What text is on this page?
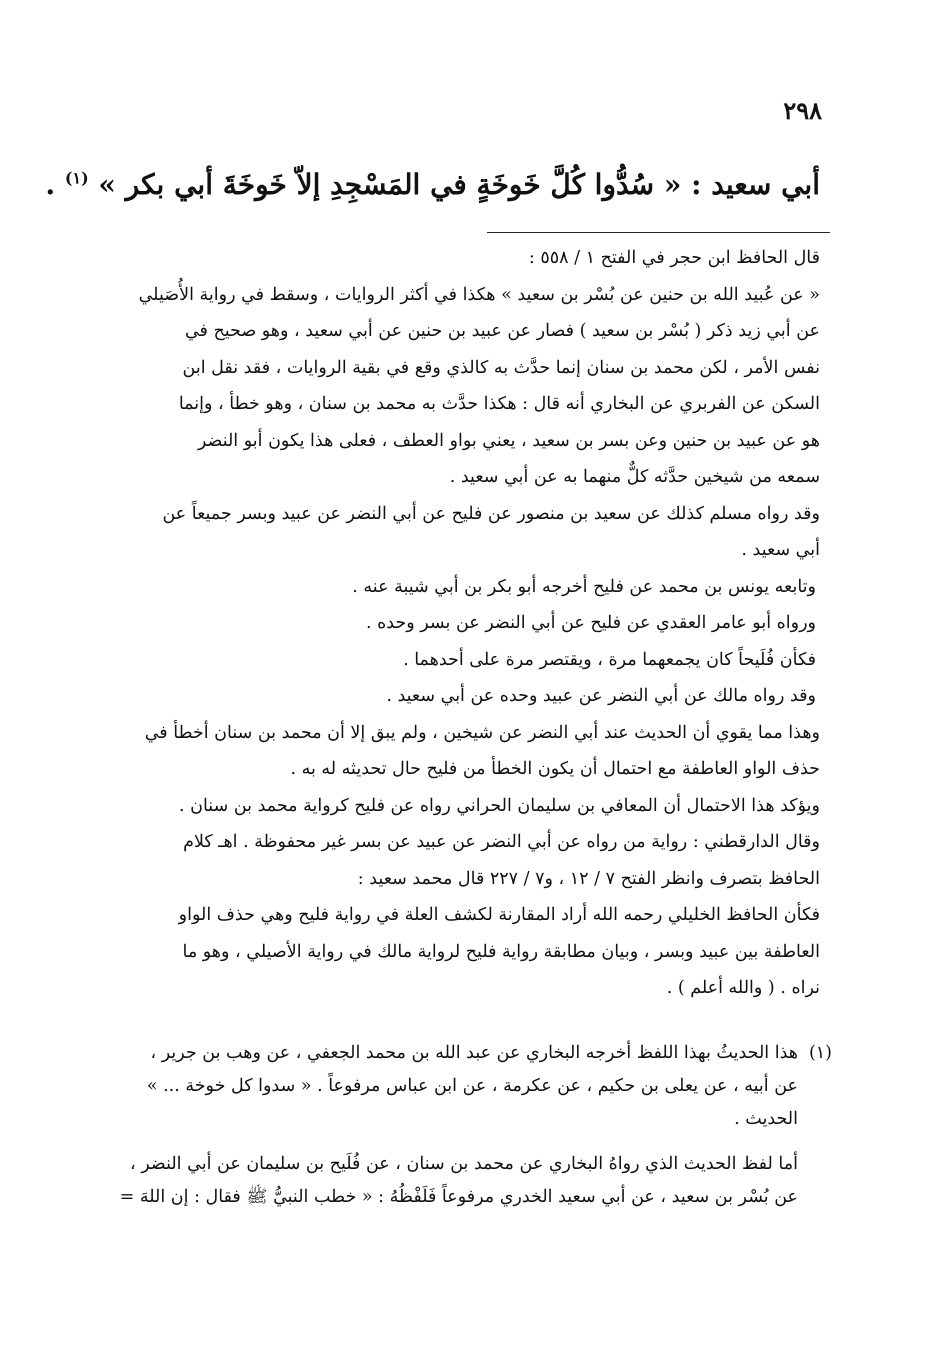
٢٩٨
أبي سعيد : « سُدُّوا كُلَّ خَوخَةٍ في المَسْجِدِ إلاّ خَوخَةَ أبي بكر » $^{(١)}$ .
قال الحافظ ابن حجر في الفتح ١ / ٥٥٨ :
« عن عُبيد الله بن حنين عن بُسْر بن سعيد » هكذا في أكثر الروايات ، وسقط في رواية الأُصَيلي
عن أبي زيد ذكر ( بُسْر بن سعيد ) فصار عن عبيد بن حنين عن أبي سعيد ، وهو صحيح في
نفس الأمر ، لكن محمد بن سنان إنما حدَّث به كالذي وقع في بقية الروايات ، فقد نقل ابن
السكن عن الفربري عن البخاري أنه قال : هكذا حدَّث به محمد بن سنان ، وهو خطأ ، وإنما
هو عن عبيد بن حنين وعن بسر بن سعيد ، يعني بواو العطف ، فعلى هذا يكون أبو النضر
سمعه من شيخين حدَّثه كلٌّ منهما به عن أبي سعيد .
وقد رواه مسلم كذلك عن سعيد بن منصور عن فليح عن أبي النضر عن عبيد وبسر جميعاً عن
أبي سعيد .
وتابعه يونس بن محمد عن فليح أخرجه أبو بكر بن أبي شيبة عنه .
ورواه أبو عامر العقدي عن فليح عن أبي النضر عن بسر وحده .
فكأن فُلَيحاً كان يجمعهما مرة ، ويقتصر مرة على أحدهما .
وقد رواه مالك عن أبي النضر عن عبيد وحده عن أبي سعيد .
وهذا مما يقوي أن الحديث عند أبي النضر عن شيخين ، ولم يبق إلا أن محمد بن سنان أخطأ في
حذف الواو العاطفة مع احتمال أن يكون الخطأ من فليح حال تحديثه له به .
ويؤكد هذا الاحتمال أن المعافي بن سليمان الحراني رواه عن فليح كرواية محمد بن سنان .
وقال الدارقطني : رواية من رواه عن أبي النضر عن عبيد عن بسر غير محفوظة . اهـ كلام
الحافظ بتصرف وانظر الفتح ٧ / ١٢ ، و٧ / ٢٢٧ قال محمد سعيد :
فكأن الحافظ الخليلي رحمه الله أراد المقارنة لكشف العلة في رواية فليح وهي حذف الواو
العاطفة بين عبيد وبسر ، وبيان مطابقة رواية فليح لرواية مالك في رواية الأصيلي ، وهو ما
نراه . ( والله أعلم ) .
(١)هذا الحديثُ بهذا اللفظ أخرجه البخاري عن عبد الله بن محمد الجعفي ، عن وهب بن جرير ،
عن أبيه ، عن يعلى بن حكيم ، عن عكرمة ، عن ابن عباس مرفوعاً . « سدوا كل خوخة ... »
الحديث .
أما لفظ الحديث الذي رواهُ البخاري عن محمد بن سنان ، عن فُلَيح بن سليمان عن أبي النضر ،
عن بُسْر بن سعيد ، عن أبي سعيد الخدري مرفوعاً فَلَفْظُهُ : « خطب النبيُّ ﷺ فقال : إن اللهَ =
